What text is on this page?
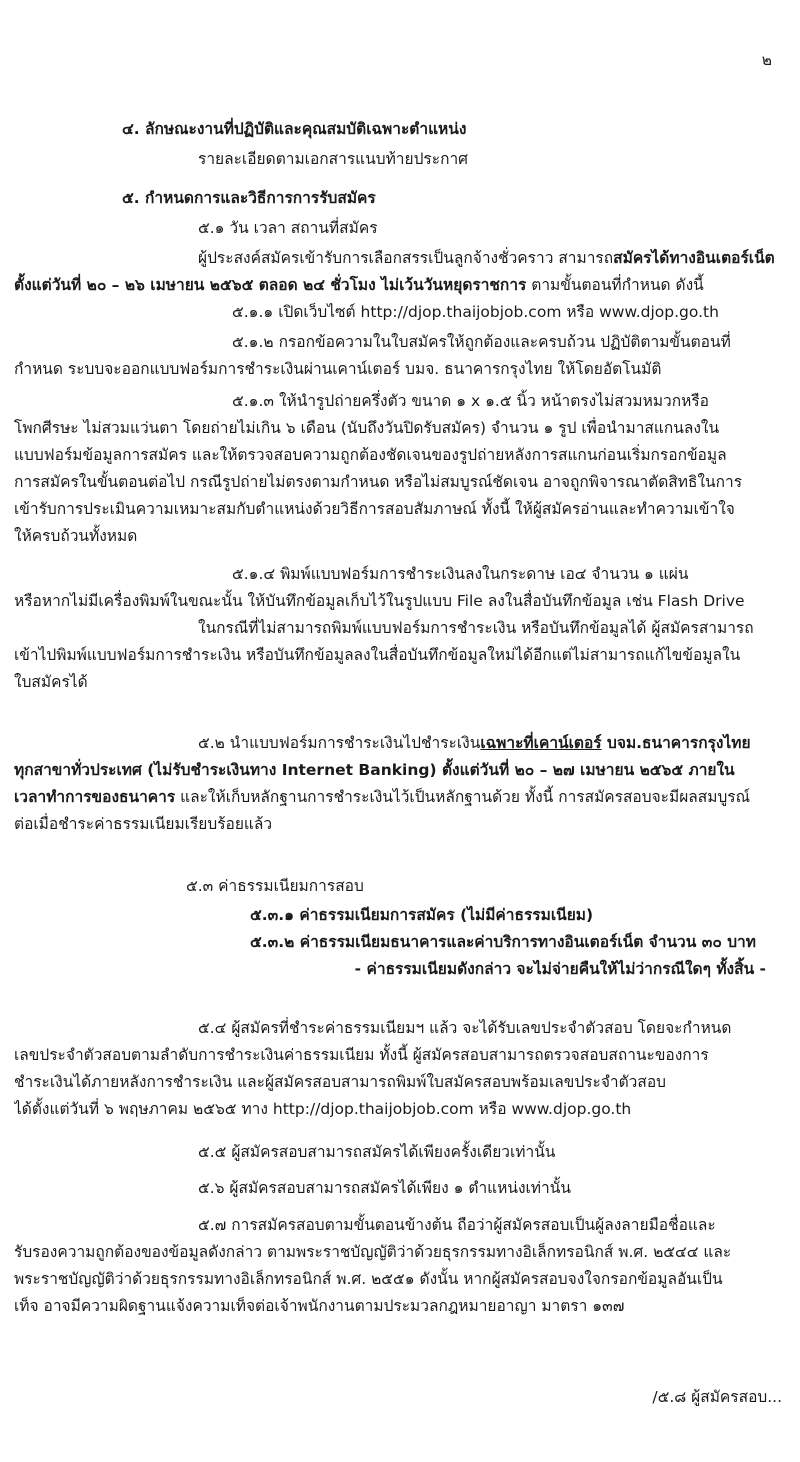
๒
๔. ลักษณะงานที่ปฏิบัติและคุณสมบัติเฉพาะตำแหน่ง
รายละเอียดตามเอกสารแนบท้ายประกาศ
๕. กำหนดการและวิธีการการรับสมัคร
๕.๑ วัน เวลา สถานที่สมัคร
ผู้ประสงค์สมัครเข้ารับการเลือกสรรเป็นลูกจ้างชั่วคราว สามารถสมัครได้ทางอินเตอร์เน็ต
ตั้งแต่วันที่ ๒๐ – ๒๖ เมษายน ๒๕๖๕ ตลอด ๒๔ ชั่วโมง ไม่เว้นวันหยุดราชการ ตามขั้นตอนที่กำหนด ดังนี้
๕.๑.๑ เปิดเว็บไซต์ http://djop.thaijobjob.com หรือ www.djop.go.th
๕.๑.๒ กรอกข้อความในใบสมัครให้ถูกต้องและครบถ้วน ปฏิบัติตามขั้นตอนที่
กำหนด ระบบจะออกแบบฟอร์มการชำระเงินผ่านเคาน์เตอร์ บมจ. ธนาคารกรุงไทย ให้โดยอัตโนมัติ
๕.๑.๓ ให้นำรูปถ่ายครึ่งตัว ขนาด ๑ x ๑.๕ นิ้ว หน้าตรงไม่สวมหมวกหรือ
โพกศีรษะ ไม่สวมแว่นตา โดยถ่ายไม่เกิน ๖ เดือน (นับถึงวันปิดรับสมัคร) จำนวน ๑ รูป เพื่อนำมาสแกนลงใน
แบบฟอร์มข้อมูลการสมัคร และให้ตรวจสอบความถูกต้องชัดเจนของรูปถ่ายหลังการสแกนก่อนเริ่มกรอกข้อมูล
การสมัครในขั้นตอนต่อไป กรณีรูปถ่ายไม่ตรงตามกำหนด หรือไม่สมบูรณ์ชัดเจน อาจถูกพิจารณาตัดสิทธิในการ
เข้ารับการประเมินความเหมาะสมกับตำแหน่งด้วยวิธีการสอบสัมภาษณ์ ทั้งนี้ ให้ผู้สมัครอ่านและทำความเข้าใจ
ให้ครบถ้วนทั้งหมด
๕.๑.๔ พิมพ์แบบฟอร์มการชำระเงินลงในกระดาษ เอ๔ จำนวน ๑ แผ่น
หรือหากไม่มีเครื่องพิมพ์ในขณะนั้น ให้บันทึกข้อมูลเก็บไว้ในรูปแบบ File ลงในสื่อบันทึกข้อมูล เช่น Flash Drive
ในกรณีที่ไม่สามารถพิมพ์แบบฟอร์มการชำระเงิน หรือบันทึกข้อมูลได้ ผู้สมัครสามารถ
เข้าไปพิมพ์แบบฟอร์มการชำระเงิน หรือบันทึกข้อมูลลงในสื่อบันทึกข้อมูลใหม่ได้อีกแต่ไม่สามารถแก้ไขข้อมูลใน
ใบสมัครได้
๕.๒ นำแบบฟอร์มการชำระเงินไปชำระเงินเฉพาะที่เคาน์เตอร์ บจม.ธนาคารกรุงไทย
ทุกสาขาทั่วประเทศ (ไม่รับชำระเงินทาง Internet Banking) ตั้งแต่วันที่ ๒๐ – ๒๗ เมษายน ๒๕๖๕ ภายใน
เวลาทำการของธนาคาร และให้เก็บหลักฐานการชำระเงินไว้เป็นหลักฐานด้วย ทั้งนี้ การสมัครสอบจะมีผลสมบูรณ์
ต่อเมื่อชำระค่าธรรมเนียมเรียบร้อยแล้ว
๕.๓ ค่าธรรมเนียมการสอบ
๕.๓.๑ ค่าธรรมเนียมการสมัคร (ไม่มีค่าธรรมเนียม)
๕.๓.๒ ค่าธรรมเนียมธนาคารและค่าบริการทางอินเตอร์เน็ต จำนวน ๓๐ บาท
- ค่าธรรมเนียมดังกล่าว จะไม่จ่ายคืนให้ไม่ว่ากรณีใดๆ ทั้งสิ้น -
๕.๔ ผู้สมัครที่ชำระค่าธรรมเนียมฯ แล้ว จะได้รับเลขประจำตัวสอบ โดยจะกำหนด
เลขประจำตัวสอบตามลำดับการชำระเงินค่าธรรมเนียม ทั้งนี้ ผู้สมัครสอบสามารถตรวจสอบสถานะของการ
ชำระเงินได้ภายหลังการชำระเงิน และผู้สมัครสอบสามารถพิมพ์ใบสมัครสอบพร้อมเลขประจำตัวสอบ
ได้ตั้งแต่วันที่ ๖ พฤษภาคม ๒๕๖๕ ทาง http://djop.thaijobjob.com หรือ www.djop.go.th
๕.๕ ผู้สมัครสอบสามารถสมัครได้เพียงครั้งเดียวเท่านั้น
๕.๖ ผู้สมัครสอบสามารถสมัครได้เพียง ๑ ตำแหน่งเท่านั้น
๕.๗ การสมัครสอบตามขั้นตอนข้างต้น ถือว่าผู้สมัครสอบเป็นผู้ลงลายมือชื่อและ
รับรองความถูกต้องของข้อมูลดังกล่าว ตามพระราชบัญญัติว่าด้วยธุรกรรมทางอิเล็กทรอนิกส์ พ.ศ. ๒๕๔๔ และ
พระราชบัญญัติว่าด้วยธุรกรรมทางอิเล็กทรอนิกส์ พ.ศ. ๒๕๕๑ ดังนั้น หากผู้สมัครสอบจงใจกรอกข้อมูลอันเป็น
เท็จ อาจมีความผิดฐานแจ้งความเท็จต่อเจ้าพนักงานตามประมวลกฎหมายอาญา มาตรา ๑๓๗
/๕.๘ ผู้สมัครสอบ...
